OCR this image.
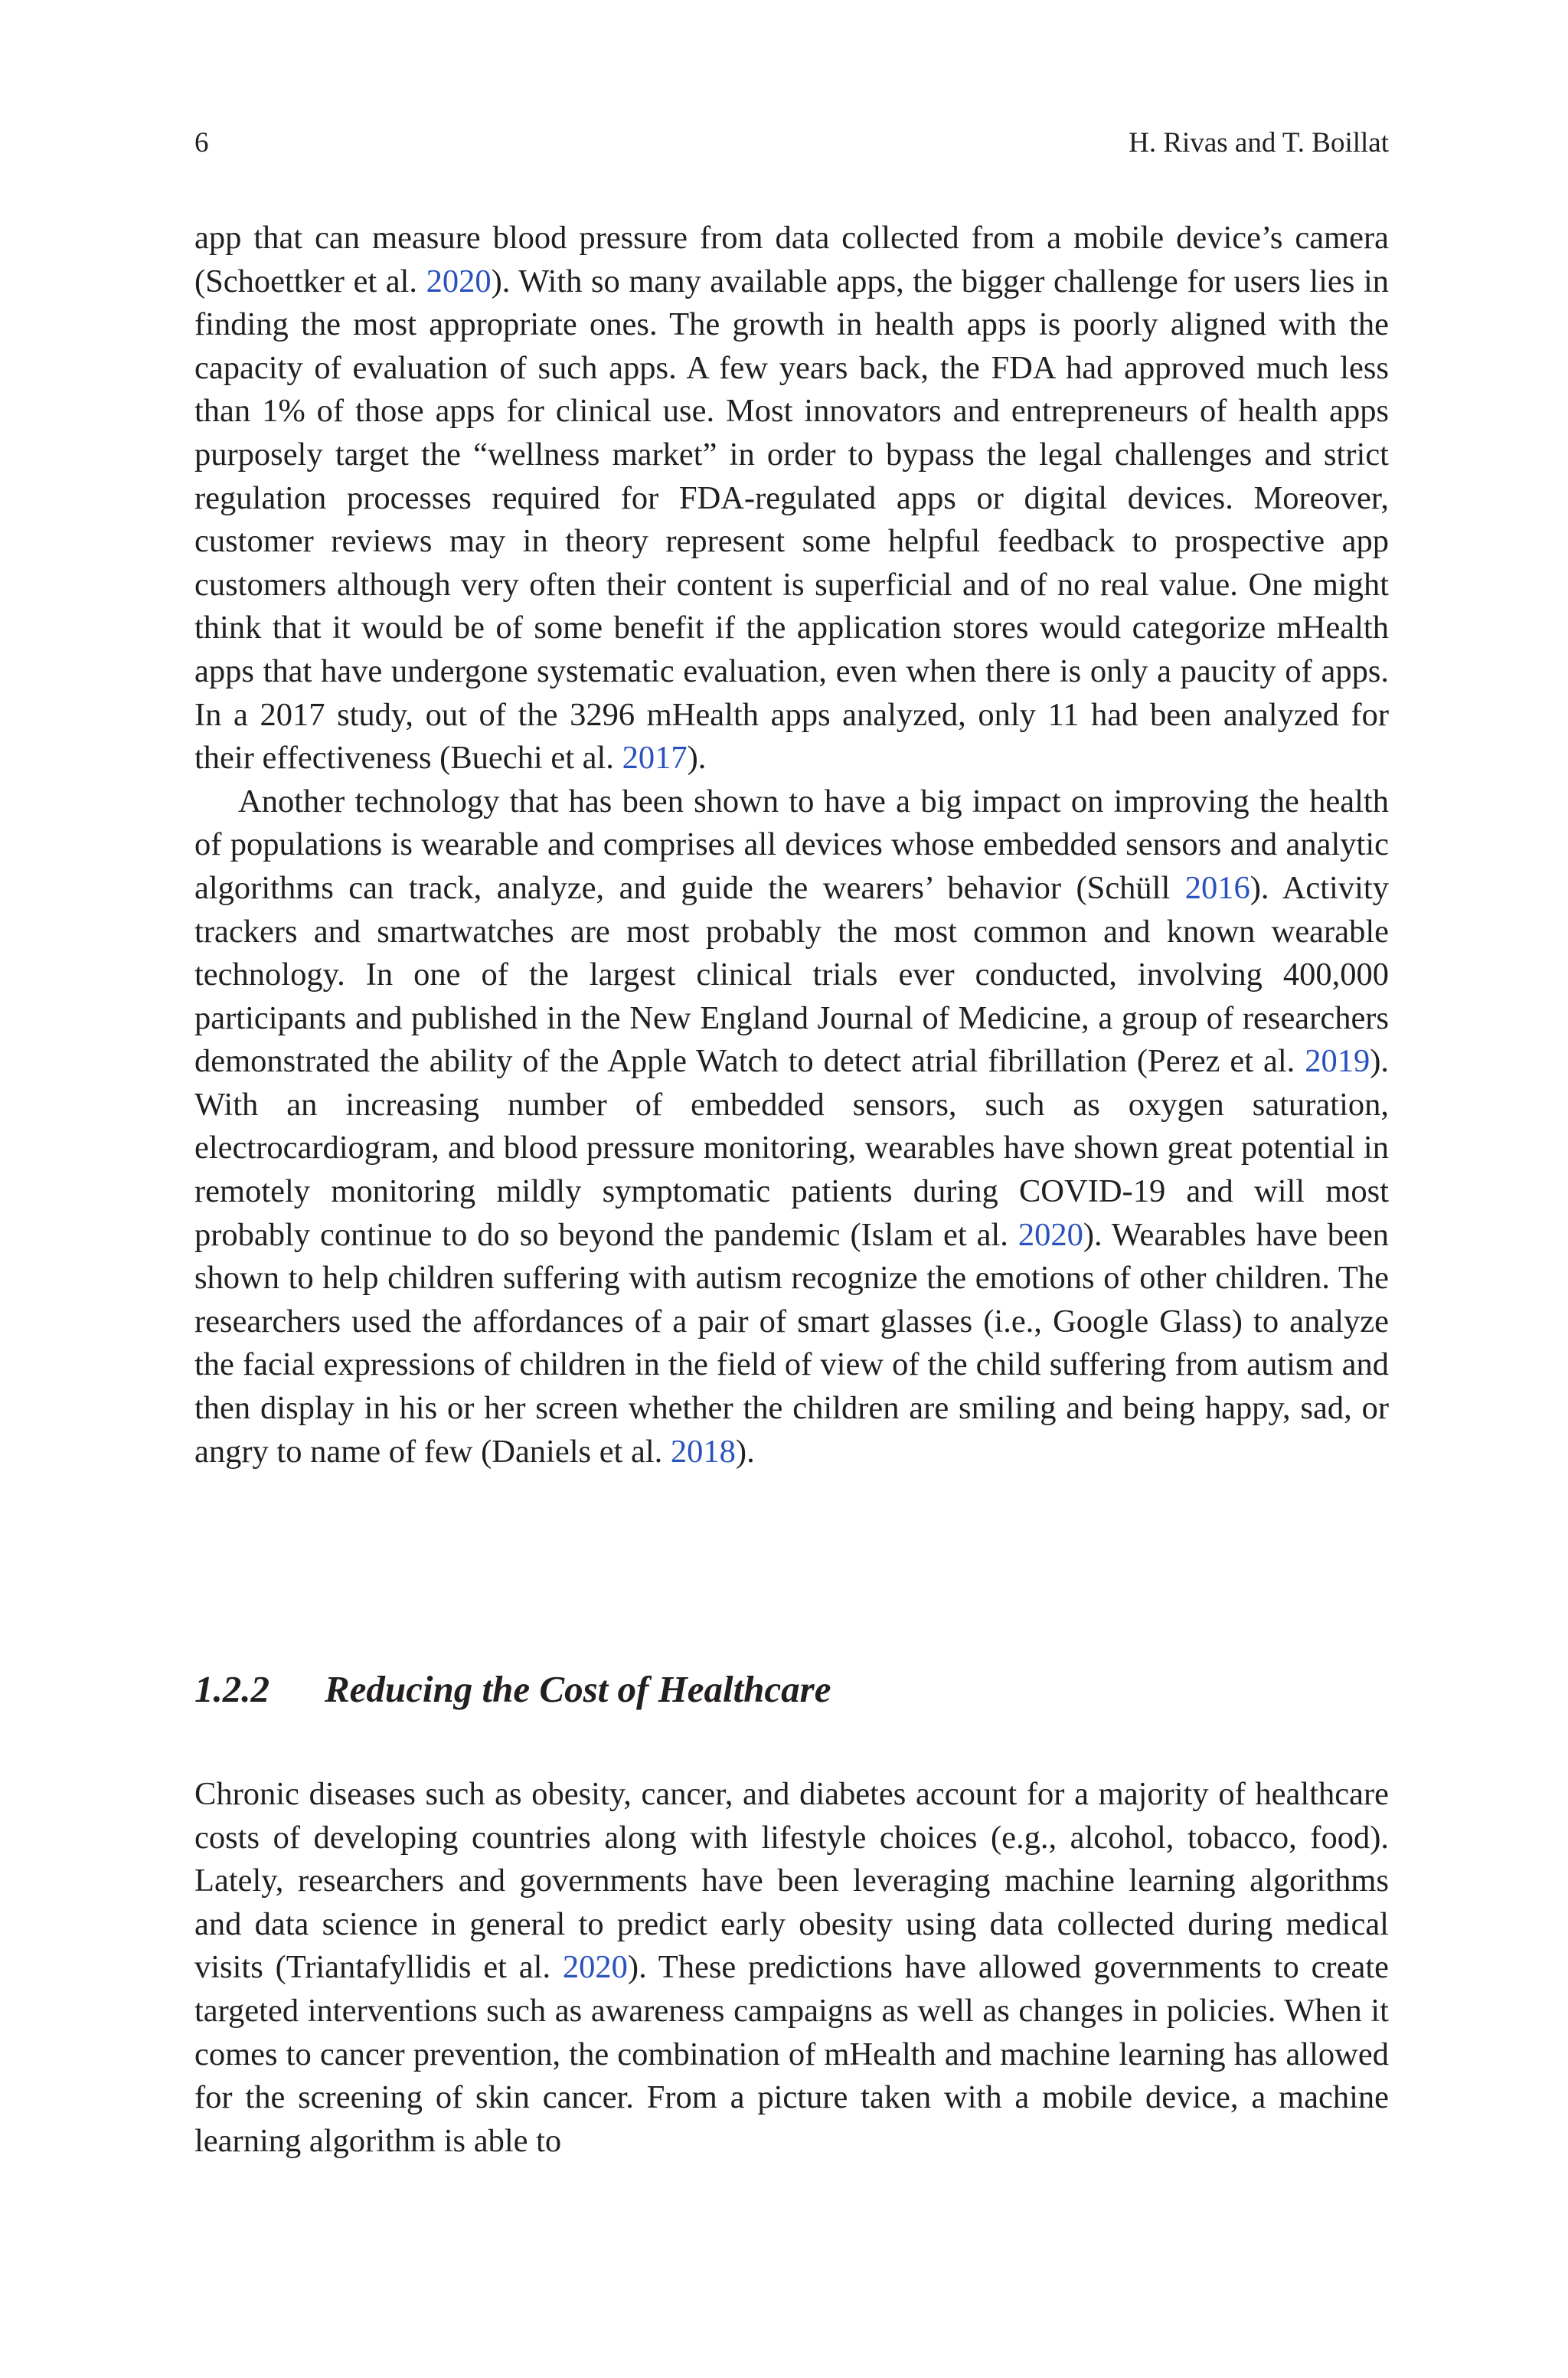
6	H. Rivas and T. Boillat

app that can measure blood pressure from data collected from a mobile device’s camera (Schoettker et al. 2020). With so many available apps, the bigger challenge for users lies in finding the most appropriate ones. The growth in health apps is poorly aligned with the capacity of evaluation of such apps. A few years back, the FDA had approved much less than 1% of those apps for clinical use. Most innovators and entrepreneurs of health apps purposely target the “wellness market” in order to bypass the legal challenges and strict regulation processes required for FDA-regulated apps or digital devices. Moreover, customer reviews may in theory represent some helpful feedback to prospective app customers although very often their content is superficial and of no real value. One might think that it would be of some benefit if the application stores would categorize mHealth apps that have undergone systematic evaluation, even when there is only a paucity of apps. In a 2017 study, out of the 3296 mHealth apps analyzed, only 11 had been analyzed for their effectiveness (Buechi et al. 2017).

Another technology that has been shown to have a big impact on improving the health of populations is wearable and comprises all devices whose embedded sensors and analytic algorithms can track, analyze, and guide the wearers’ behavior (Schüll 2016). Activity trackers and smartwatches are most probably the most common and known wearable technology. In one of the largest clinical trials ever conducted, involving 400,000 participants and published in the New England Journal of Medicine, a group of researchers demonstrated the ability of the Apple Watch to detect atrial fibrillation (Perez et al. 2019). With an increasing number of embedded sensors, such as oxygen saturation, electrocardiogram, and blood pressure monitoring, wearables have shown great potential in remotely monitoring mildly symptomatic patients during COVID-19 and will most probably continue to do so beyond the pandemic (Islam et al. 2020). Wearables have been shown to help children suffering with autism recognize the emotions of other children. The researchers used the affordances of a pair of smart glasses (i.e., Google Glass) to analyze the facial expressions of children in the field of view of the child suffering from autism and then display in his or her screen whether the children are smiling and being happy, sad, or angry to name of few (Daniels et al. 2018).

1.2.2 Reducing the Cost of Healthcare

Chronic diseases such as obesity, cancer, and diabetes account for a majority of healthcare costs of developing countries along with lifestyle choices (e.g., alcohol, tobacco, food). Lately, researchers and governments have been leveraging machine learning algorithms and data science in general to predict early obesity using data collected during medical visits (Triantafyllidis et al. 2020). These predictions have allowed governments to create targeted interventions such as awareness campaigns as well as changes in policies. When it comes to cancer prevention, the combination of mHealth and machine learning has allowed for the screening of skin cancer. From a picture taken with a mobile device, a machine learning algorithm is able to
